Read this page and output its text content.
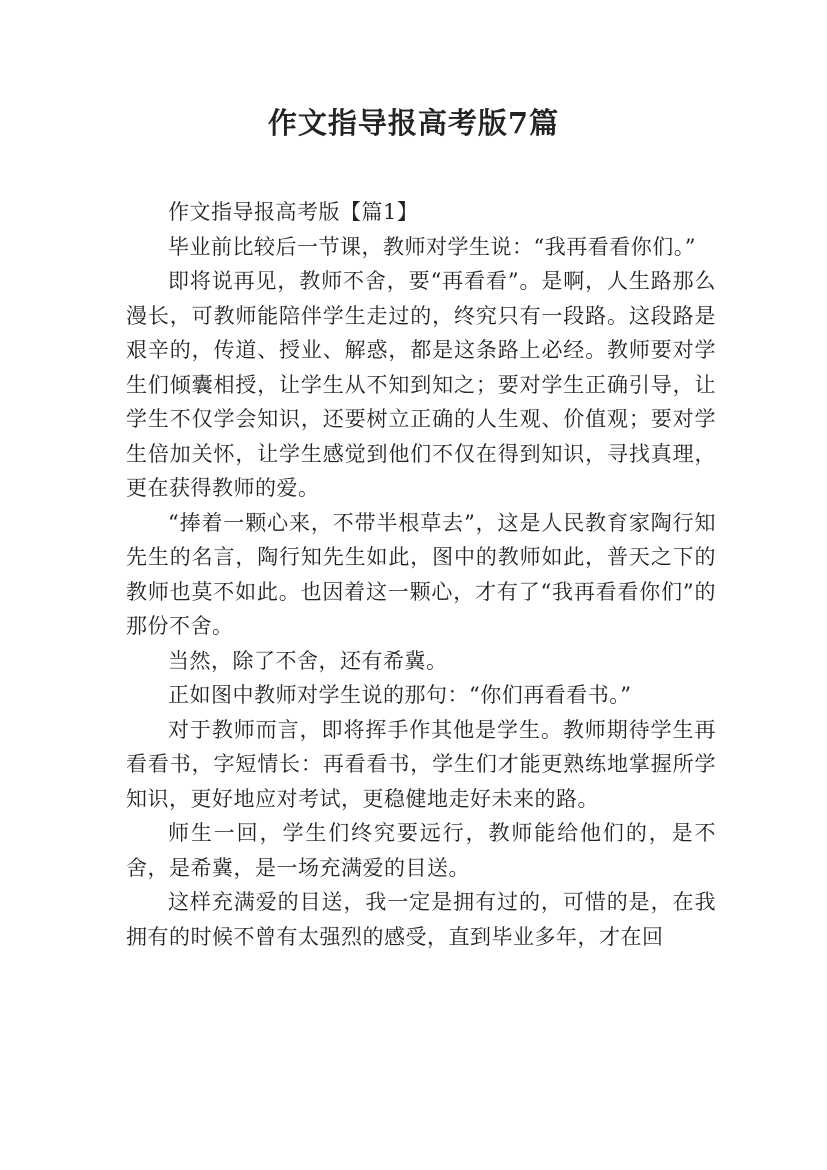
作文指导报高考版7篇

作文指导报高考版【篇1】

毕业前比较后一节课，教师对学生说：“我再看看你们。”

即将说再见，教师不舍，要“再看看”。是啊，人生路那么漫长，可教师能陪伴学生走过的，终究只有一段路。这段路是艰辛的，传道、授业、解惑，都是这条路上必经。教师要对学生们倾囊相授，让学生从不知到知之；要对学生正确引导，让学生不仅学会知识，还要树立正确的人生观、价值观；要对学生倍加关怀，让学生感觉到他们不仅在得到知识，寻找真理，更在获得教师的爱。

“捧着一颗心来，不带半根草去”，这是人民教育家陶行知先生的名言，陶行知先生如此，图中的教师如此，普天之下的教师也莫不如此。也因着这一颗心，才有了“我再看看你们”的那份不舍。

当然，除了不舍，还有希冀。

正如图中教师对学生说的那句：“你们再看看书。”

对于教师而言，即将挥手作其他是学生。教师期待学生再看看书，字短情长：再看看书，学生们才能更熟练地掌握所学知识，更好地应对考试，更稳健地走好未来的路。

师生一回，学生们终究要远行，教师能给他们的，是不舍，是希冀，是一场充满爱的目送。

这样充满爱的目送，我一定是拥有过的，可惜的是，在我拥有的时候不曾有太强烈的感受，直到毕业多年，才在回
